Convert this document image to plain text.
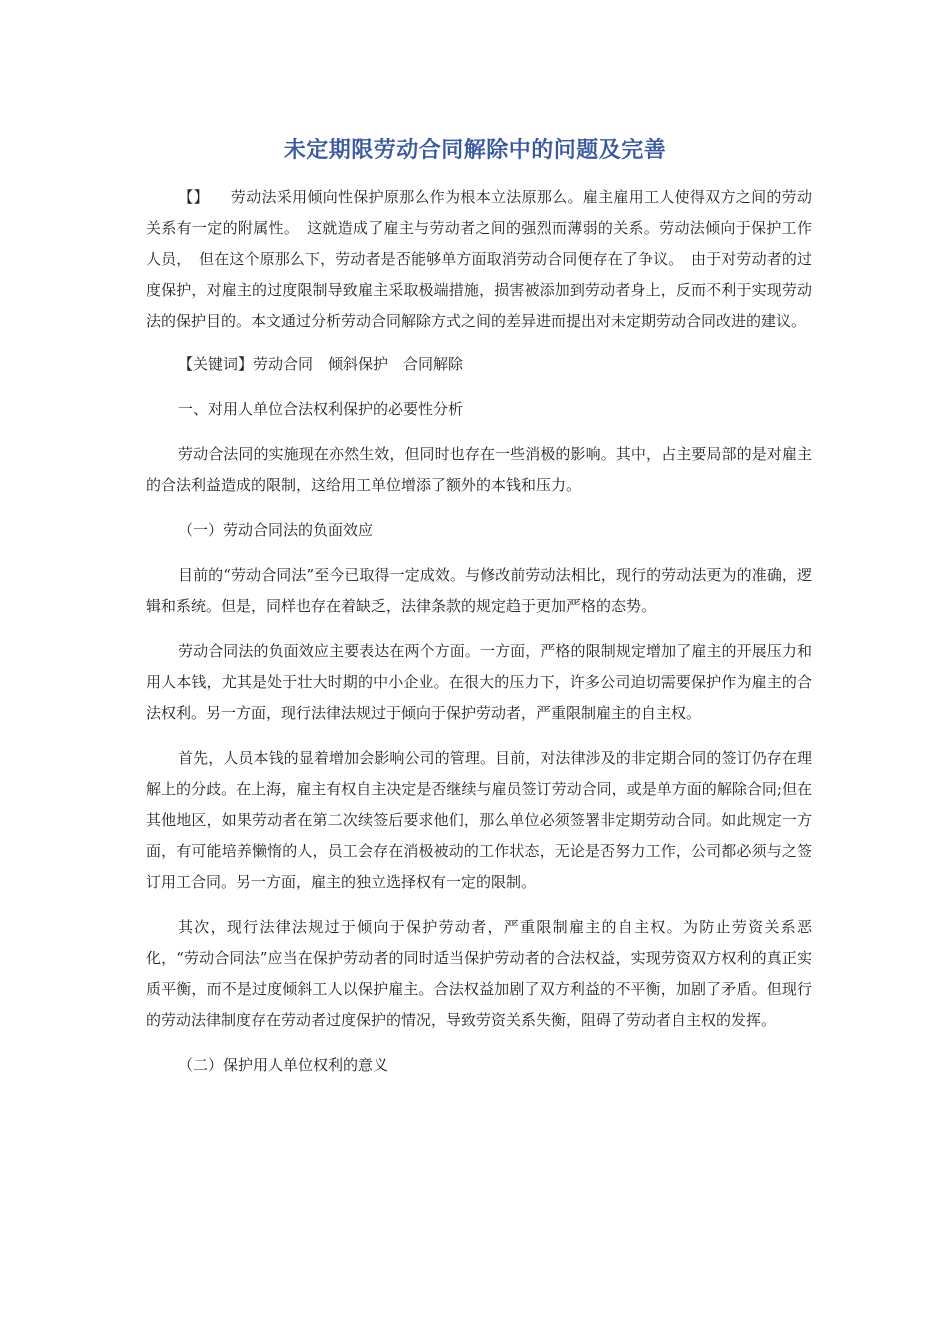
未定期限劳动合同解除中的问题及完善

【】 劳动法采用倾向性保护原那么作为根本立法原那么。雇主雇用工人使得双方之间的劳动关系有一定的附属性。　这就造成了雇主与劳动者之间的强烈而薄弱的关系。劳动法倾向于保护工作人员，　但在这个原那么下，劳动者是否能够单方面取消劳动合同便存在了争议。　由于对劳动者的过度保护，对雇主的过度限制导致雇主采取极端措施，损害被添加到劳动者身上，反而不利于实现劳动法的保护目的。本文通过分析劳动合同解除方式之间的差异进而提出对未定期劳动合同改进的建议。

【关键词】劳动合同　倾斜保护　合同解除

一、对用人单位合法权利保护的必要性分析

劳动合法同的实施现在亦然生效，但同时也存在一些消极的影响。其中，占主要局部的是对雇主的合法利益造成的限制，这给用工单位增添了额外的本钱和压力。

（一）劳动合同法的负面效应

目前的“劳动合同法”至今已取得一定成效。与修改前劳动法相比，现行的劳动法更为的准确，逻辑和系统。但是，同样也存在着缺乏，法律条款的规定趋于更加严格的态势。

劳动合同法的负面效应主要表达在两个方面。一方面，严格的限制规定增加了雇主的开展压力和用人本钱，尤其是处于壮大时期的中小企业。在很大的压力下，许多公司迫切需要保护作为雇主的合法权利。另一方面，现行法律法规过于倾向于保护劳动者，严重限制雇主的自主权。

首先，人员本钱的显着增加会影响公司的管理。目前，对法律涉及的非定期合同的签订仍存在理解上的分歧。在上海，雇主有权自主决定是否继续与雇员签订劳动合同，或是单方面的解除合同;但在其他地区，如果劳动者在第二次续签后要求他们，那么单位必须签署非定期劳动合同。如此规定一方面，有可能培养懒惰的人，员工会存在消极被动的工作状态，无论是否努力工作，公司都必须与之签订用工合同。另一方面，雇主的独立选择权有一定的限制。

其次，现行法律法规过于倾向于保护劳动者，严重限制雇主的自主权。为防止劳资关系恶化，“劳动合同法”应当在保护劳动者的同时适当保护劳动者的合法权益，实现劳资双方权利的真正实质平衡，而不是过度倾斜工人以保护雇主。合法权益加剧了双方利益的不平衡，加剧了矛盾。但现行的劳动法律制度存在劳动者过度保护的情况，导致劳资关系失衡，阻碍了劳动者自主权的发挥。

（二）保护用人单位权利的意义
